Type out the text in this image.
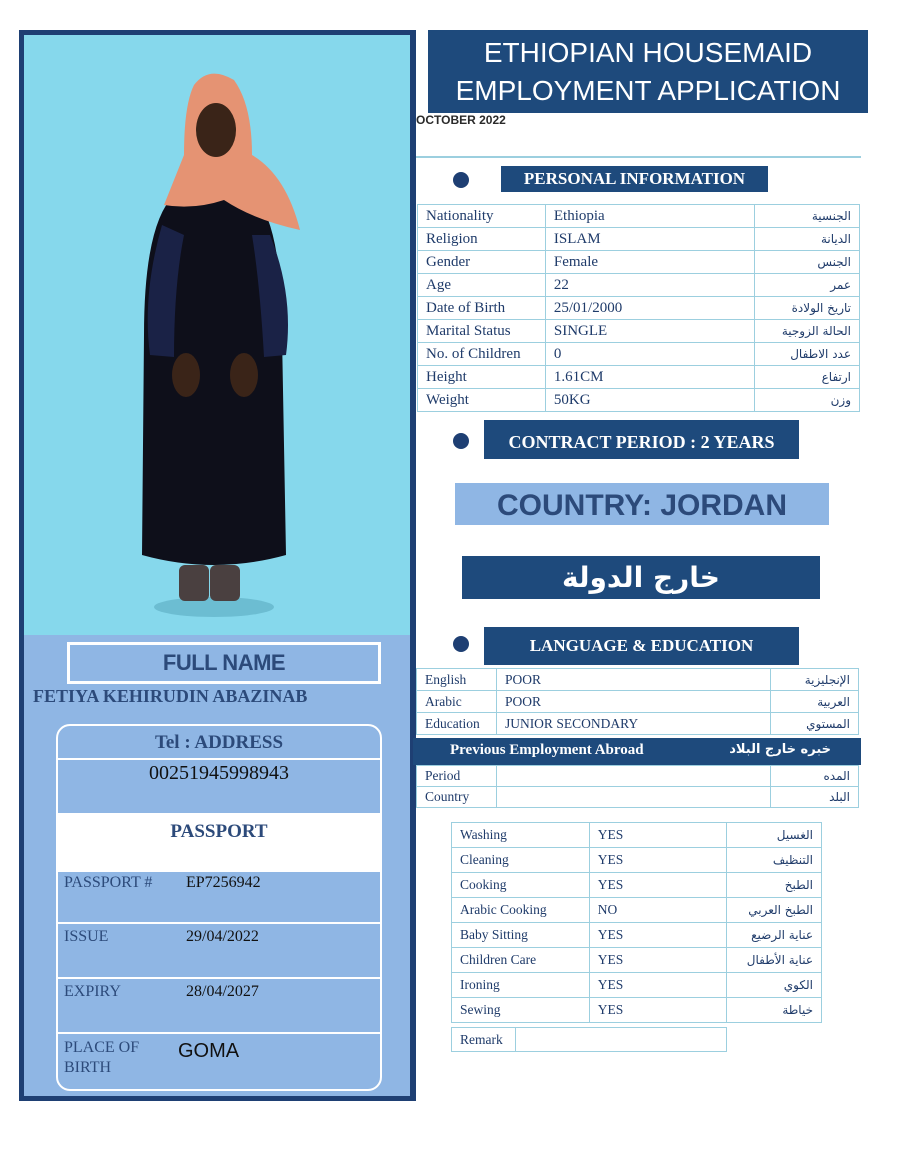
FULL NAME
FETIYA KEHIRUDIN ABAZINAB
Tel : ADDRESS
00251945998943
PASSPORT
PASSPORT # EP7256942
ISSUE	29/04/2022
EXPIRY	28/04/2027
PLACE OF
BIRTH
GOMA
ETHIOPIAN HOUSEMAID
EMPLOYMENT APPLICATION
OCTOBER 2022
PERSONAL INFORMATION
Nationality	Ethiopia	الجنسية
Religion	ISLAM	الديانة
Gender	Female	الجنس
Age	22	عمر
Date of Birth	25/01/2000	تاريخ الولادة
Marital Status	SINGLE	الحالة الزوجية
No. of Children	0	عدد الاطفال
Height	1.61CM	ارتفاع
Weight	50KG	وزن
CONTRACT PERIOD : 2 YEARS
COUNTRY: JORDAN
خارج الدولة
LANGUAGE & EDUCATION
English	POOR	الإنجليزية
Arabic	POOR	العربية
Education	JUNIOR SECONDARY	المستوي
Previous Employment Abroad	خبره خارج البلاد
Period		المده
Country		البلد
Washing	YES	الغسيل
Cleaning	YES	التنظيف
Cooking	YES	الطبخ
Arabic Cooking	NO	الطبخ العربي
Baby Sitting	YES	عناية الرضيع
Children Care	YES	عناية الأطفال
Ironing	YES	الكوي
Sewing	YES	خياطة
Remark	
